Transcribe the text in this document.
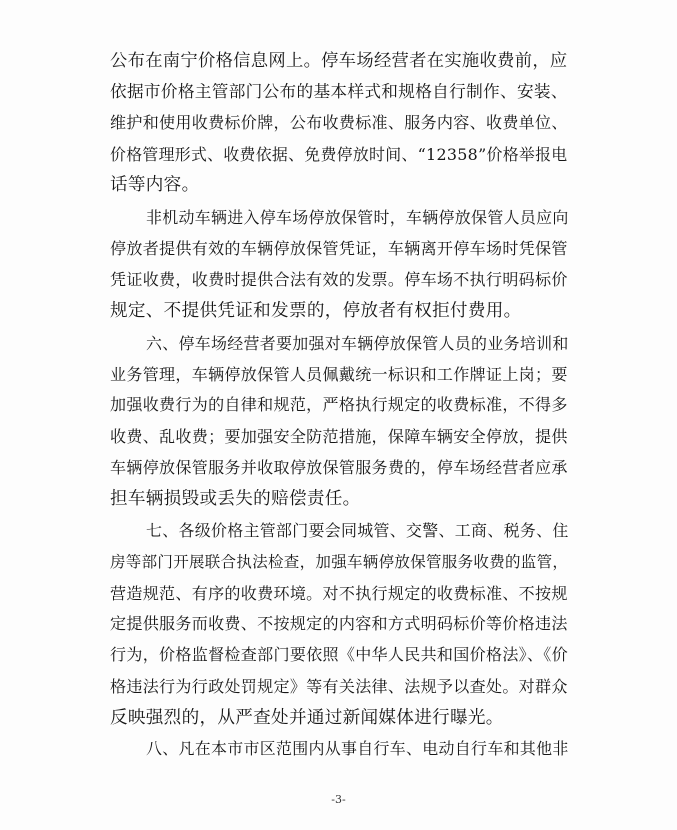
公布在南宁价格信息网上。停车场经营者在实施收费前，应
依据市价格主管部门公布的基本样式和规格自行制作、安装、
维护和使用收费标价牌，公布收费标准、服务内容、收费单位、
价格管理形式、收费依据、免费停放时间、“12358”价格举报电
话等内容。
非机动车辆进入停车场停放保管时，车辆停放保管人员应向
停放者提供有效的车辆停放保管凭证，车辆离开停车场时凭保管
凭证收费，收费时提供合法有效的发票。停车场不执行明码标价
规定、不提供凭证和发票的，停放者有权拒付费用。
六、停车场经营者要加强对车辆停放保管人员的业务培训和
业务管理，车辆停放保管人员佩戴统一标识和工作牌证上岗；要
加强收费行为的自律和规范，严格执行规定的收费标准，不得多
收费、乱收费；要加强安全防范措施，保障车辆安全停放，提供
车辆停放保管服务并收取停放保管服务费的，停车场经营者应承
担车辆损毁或丢失的赔偿责任。
七、各级价格主管部门要会同城管、交警、工商、税务、住
房等部门开展联合执法检查，加强车辆停放保管服务收费的监管，
营造规范、有序的收费环境。对不执行规定的收费标准、不按规
定提供服务而收费、不按规定的内容和方式明码标价等价格违法
行为，价格监督检查部门要依照《中华人民共和国价格法》、《价
格违法行为行政处罚规定》等有关法律、法规予以查处。对群众
反映强烈的，从严查处并通过新闻媒体进行曝光。
八、凡在本市市区范围内从事自行车、电动自行车和其他非
-3-
